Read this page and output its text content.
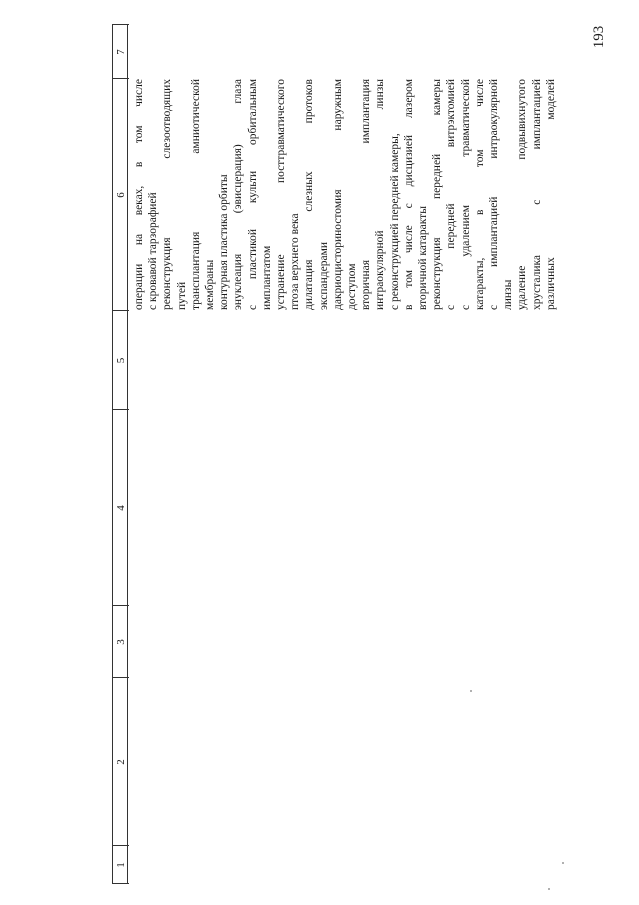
193
1
2
3
4
5
6
7
операции на веках, в том числе с кровавой тарзорафией реконструкция слезоотводящих путей трансплантация амниотической мембраны контурная пластика орбиты энуклеация (эвисцерация) глаза с пластикой культи орбитальным имплантатом устранение посттравматического птоза верхнего века дилатация слезных протоков экспандерами дакриоцисториностомия наружным доступом вторичная имплантация интраокулярной линзы с реконструкцией передней камеры, в том числе с дисцизией лазером вторичной катаракты реконструкция передней камеры с передней витрэктомией с удалением травматической катаракты, в том числе с имплантацией интраокулярной линзы удаление подвывихнутого хрусталика с имплантацией различных моделей
